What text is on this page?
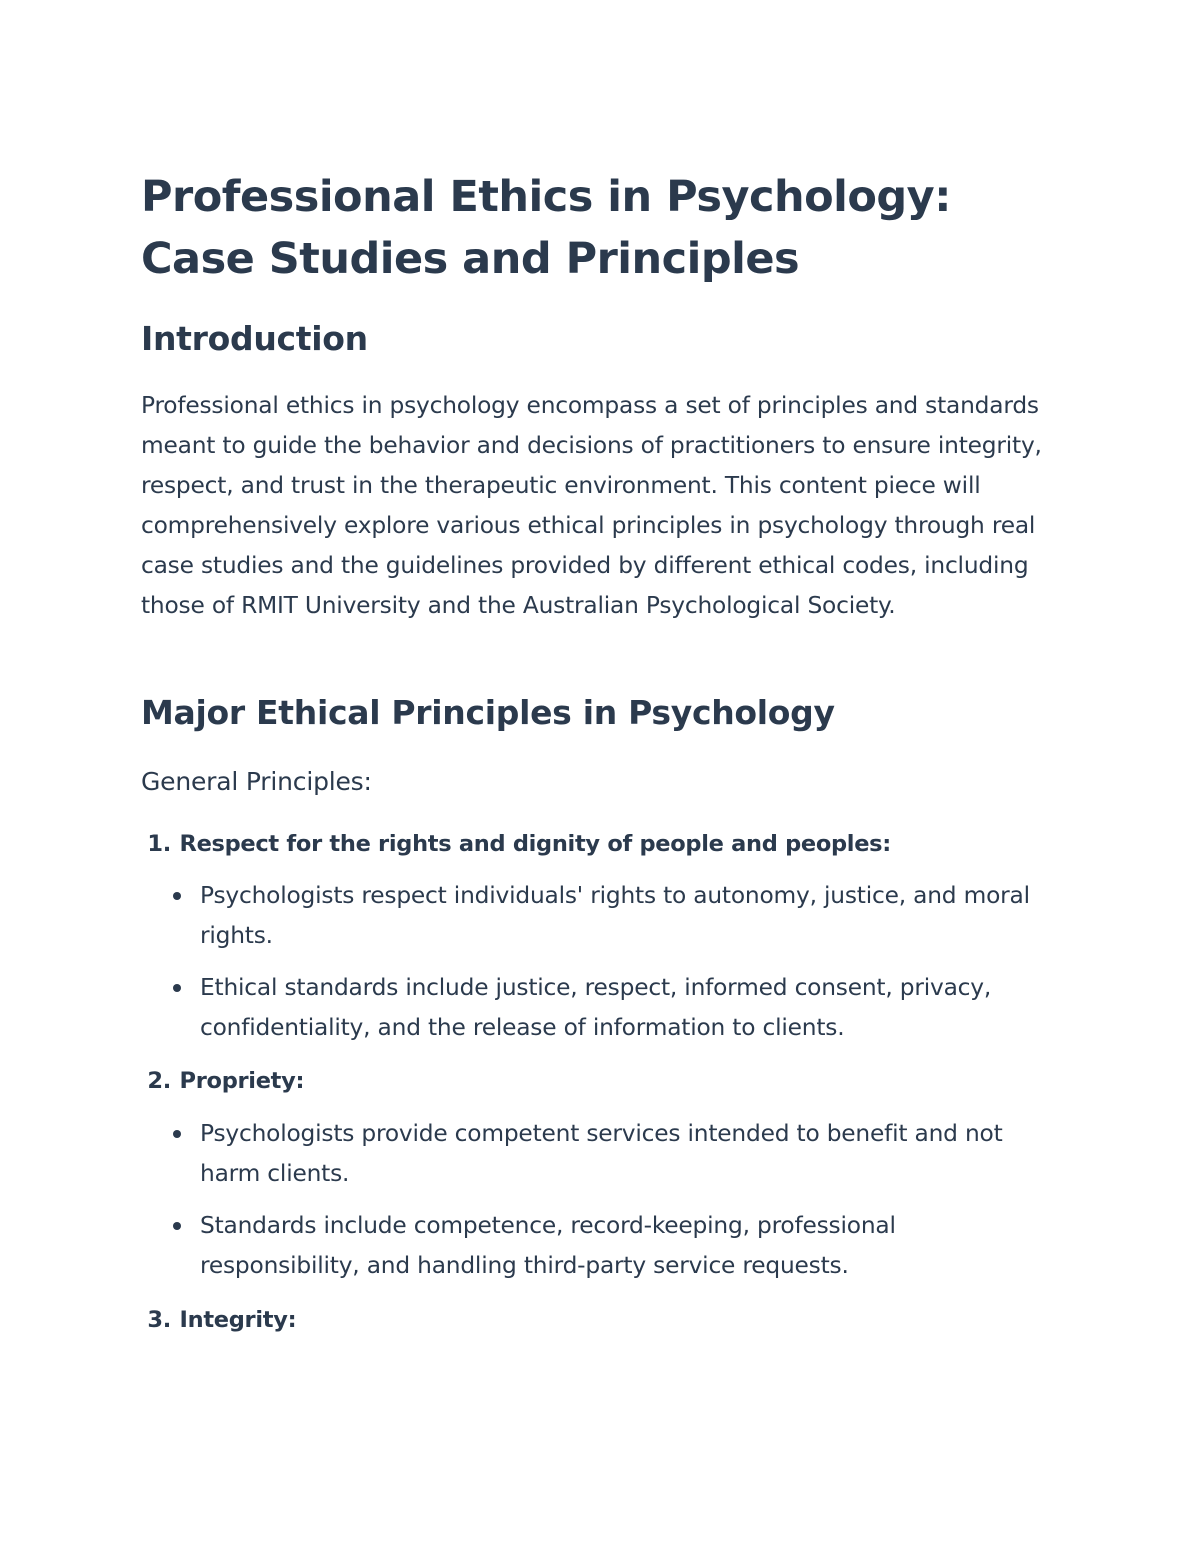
Professional Ethics in Psychology: Case Studies and Principles
Introduction

Professional ethics in psychology encompass a set of principles and standards meant to guide the behavior and decisions of practitioners to ensure integrity, respect, and trust in the therapeutic environment. This content piece will comprehensively explore various ethical principles in psychology through real case studies and the guidelines provided by different ethical codes, including those of RMIT University and the Australian Psychological Society.

Major Ethical Principles in Psychology
General Principles:
1. Respect for the rights and dignity of people and peoples:
Psychologists respect individuals' rights to autonomy, justice, and moral rights.
Ethical standards include justice, respect, informed consent, privacy, confidentiality, and the release of information to clients.
2. Propriety:
Psychologists provide competent services intended to benefit and not harm clients.
Standards include competence, record-keeping, professional responsibility, and handling third-party service requests.
3. Integrity:
